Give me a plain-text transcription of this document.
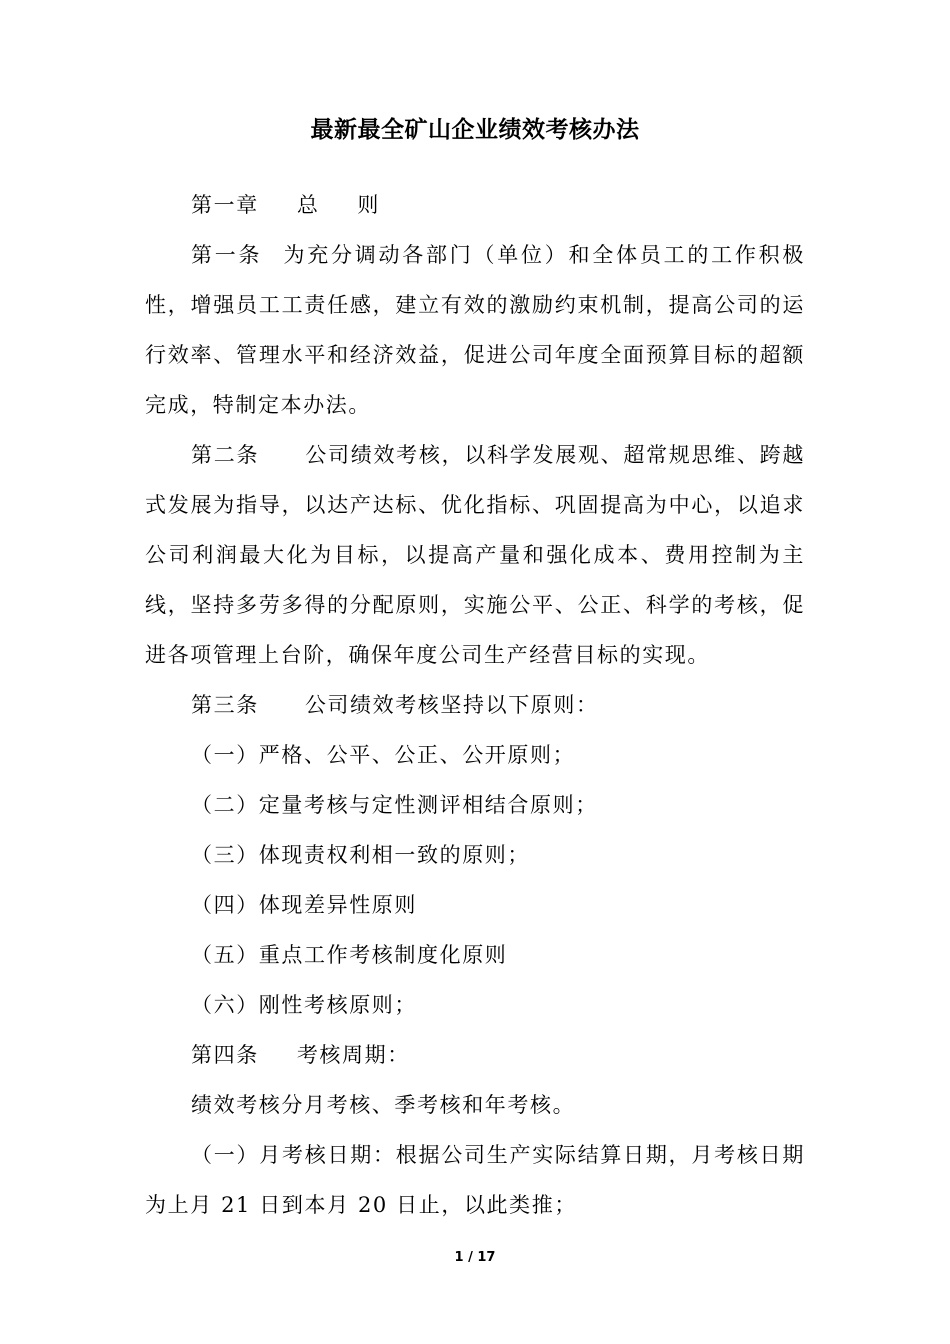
最新最全矿山企业绩效考核办法

第一章 总 则

第一条 为充分调动各部门（单位）和全体员工的工作积极性，增强员工工责任感，建立有效的激励约束机制，提高公司的运行效率、管理水平和经济效益，促进公司年度全面预算目标的超额完成，特制定本办法。

第二条 公司绩效考核，以科学发展观、超常规思维、跨越式发展为指导，以达产达标、优化指标、巩固提高为中心，以追求公司利润最大化为目标，以提高产量和强化成本、费用控制为主线，坚持多劳多得的分配原则，实施公平、公正、科学的考核，促进各项管理上台阶，确保年度公司生产经营目标的实现。

第三条 公司绩效考核坚持以下原则：

（一）严格、公平、公正、公开原则；

（二）定量考核与定性测评相结合原则；

（三）体现责权利相一致的原则；

（四）体现差异性原则

（五）重点工作考核制度化原则

（六）刚性考核原则；

第四条 考核周期：

绩效考核分月考核、季考核和年考核。

（一）月考核日期：根据公司生产实际结算日期，月考核日期为上月 21 日到本月 20 日止，以此类推；

1 / 17
